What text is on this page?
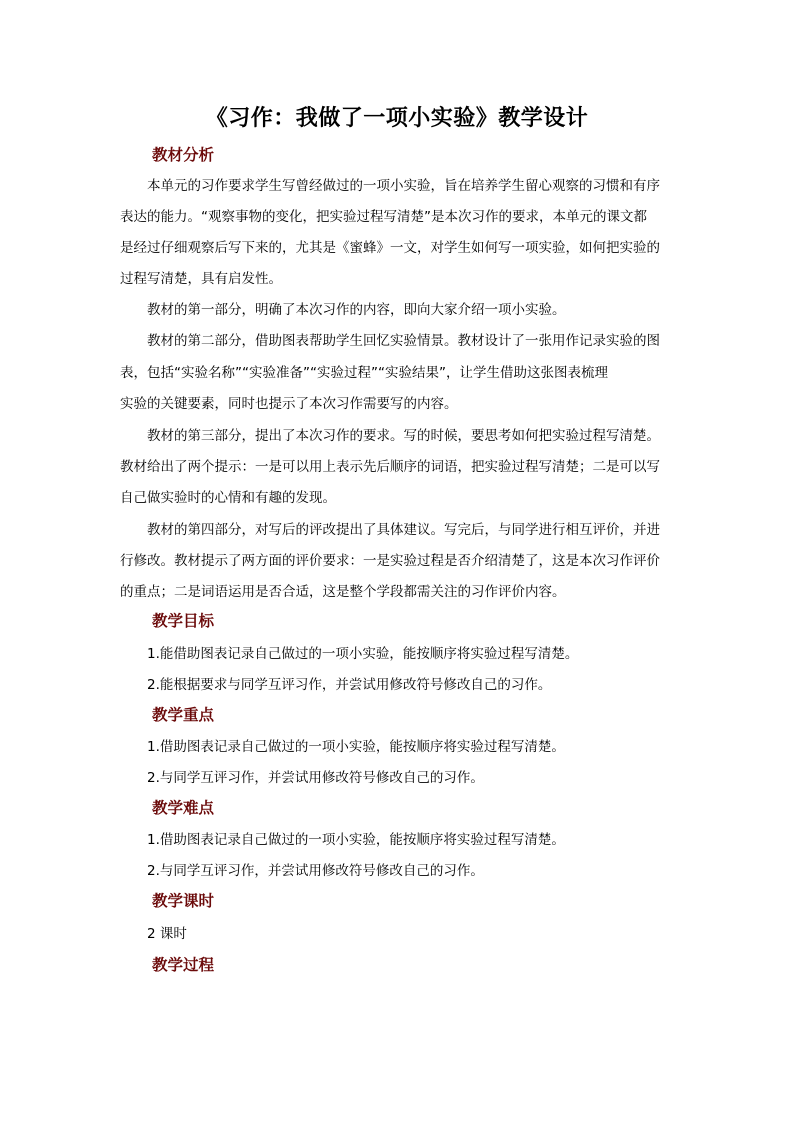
《习作：我做了一项小实验》教学设计
教材分析
本单元的习作要求学生写曾经做过的一项小实验，旨在培养学生留心观察的习惯和有序
表达的能力。“观察事物的变化，把实验过程写清楚”是本次习作的要求，本单元的课文都
是经过仔细观察后写下来的，尤其是《蜜蜂》一文，对学生如何写一项实验，如何把实验的
过程写清楚，具有启发性。
教材的第一部分，明确了本次习作的内容，即向大家介绍一项小实验。
教材的第二部分，借助图表帮助学生回忆实验情景。教材设计了一张用作记录实验的图
表，包括“实验名称”“实验准备”“实验过程”“实验结果”，让学生借助这张图表梳理
实验的关键要素，同时也提示了本次习作需要写的内容。
教材的第三部分，提出了本次习作的要求。写的时候，要思考如何把实验过程写清楚。
教材给出了两个提示：一是可以用上表示先后顺序的词语，把实验过程写清楚；二是可以写
自己做实验时的心情和有趣的发现。
教材的第四部分，对写后的评改提出了具体建议。写完后，与同学进行相互评价，并进
行修改。教材提示了两方面的评价要求：一是实验过程是否介绍清楚了，这是本次习作评价
的重点；二是词语运用是否合适，这是整个学段都需关注的习作评价内容。
教学目标
1.能借助图表记录自己做过的一项小实验，能按顺序将实验过程写清楚。
2.能根据要求与同学互评习作，并尝试用修改符号修改自己的习作。
教学重点
1.借助图表记录自己做过的一项小实验，能按顺序将实验过程写清楚。
2.与同学互评习作，并尝试用修改符号修改自己的习作。
教学难点
1.借助图表记录自己做过的一项小实验，能按顺序将实验过程写清楚。
2.与同学互评习作，并尝试用修改符号修改自己的习作。
教学课时
2 课时
教学过程
